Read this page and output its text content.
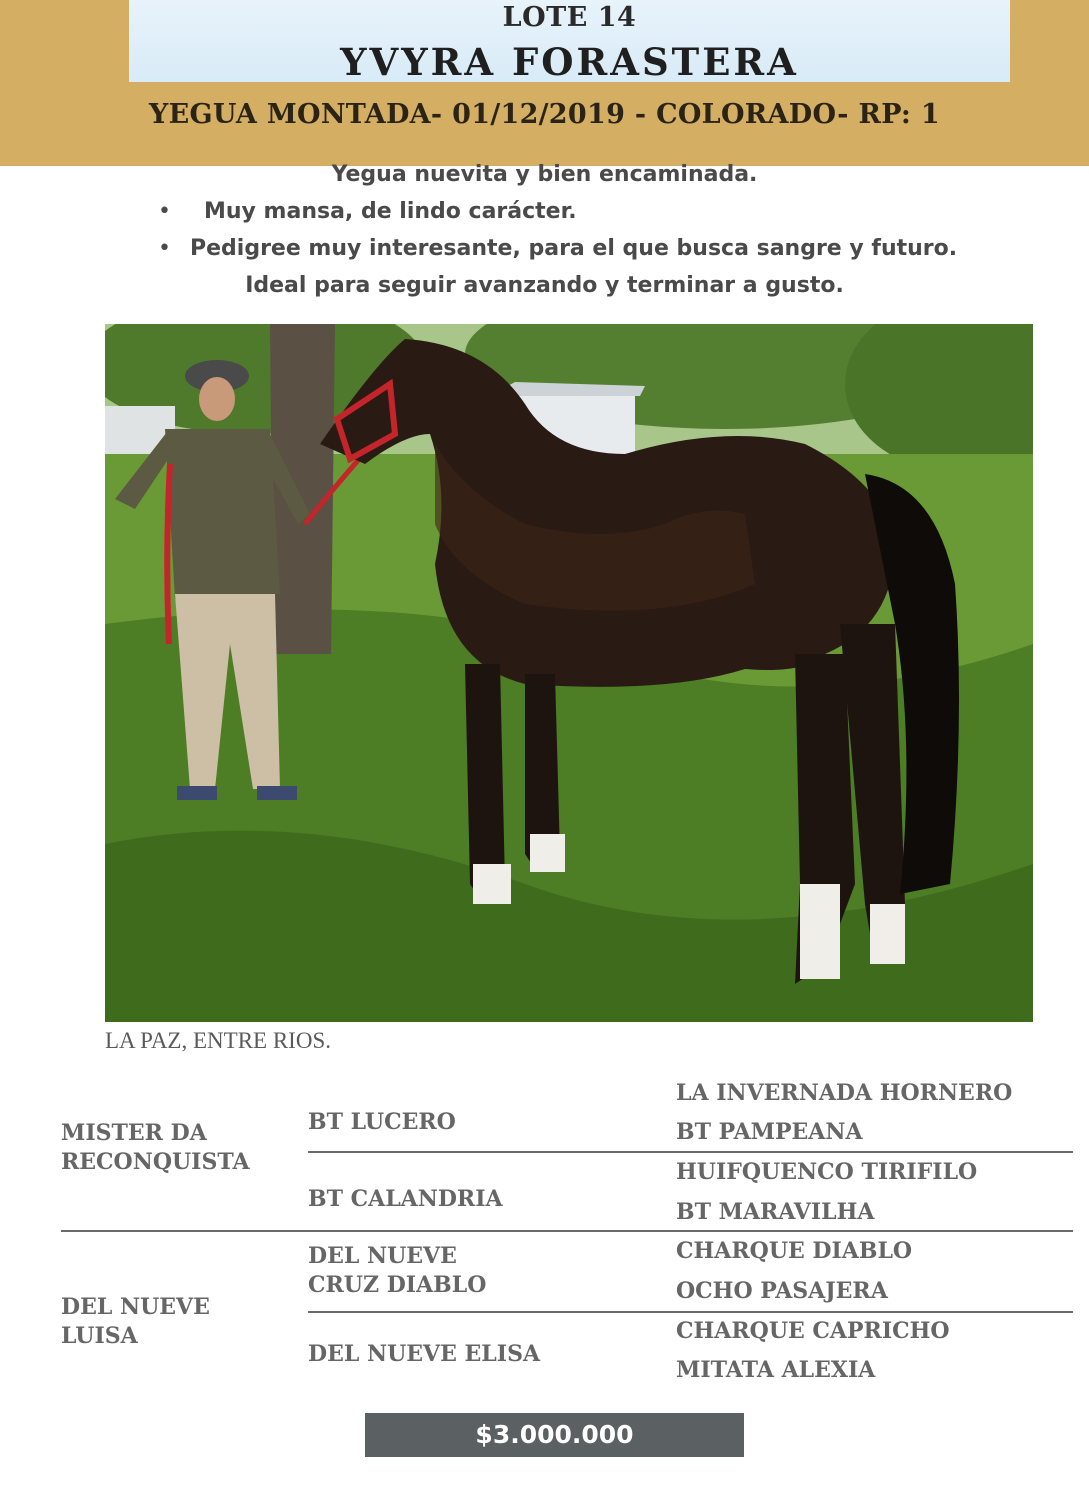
LOTE 14
YVYRA FORASTERA
YEGUA MONTADA- 01/12/2019 - COLORADO- RP: 1
Yegua nuevita y bien encaminada.
• Muy mansa, de lindo carácter.
• Pedigree muy interesante, para el que busca sangre y futuro.
Ideal para seguir avanzando y terminar a gusto.
LA PAZ, ENTRE RIOS.
MISTER DA RECONQUISTA
BT LUCERO
BT CALANDRIA
LA INVERNADA HORNERO
BT PAMPEANA
HUIFQUENCO TIRIFILO
BT MARAVILHA
DEL NUEVE LUISA
DEL NUEVE CRUZ DIABLO
DEL NUEVE ELISA
CHARQUE DIABLO
OCHO PASAJERA
CHARQUE CAPRICHO
MITATA ALEXIA
$3.000.000
